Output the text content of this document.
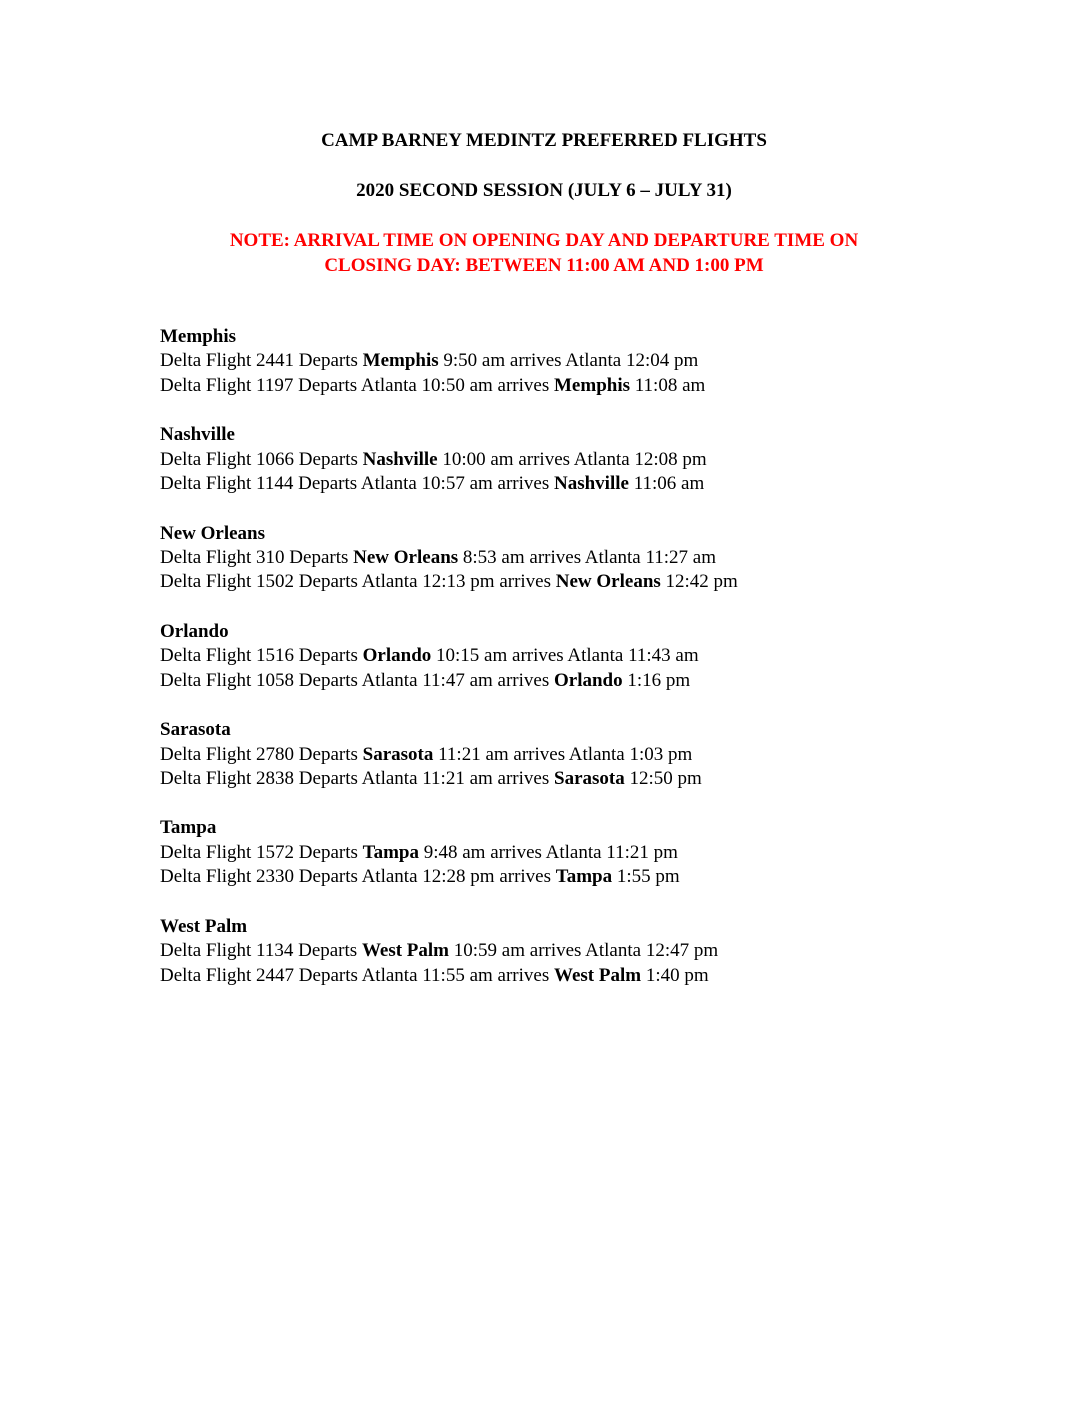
CAMP BARNEY MEDINTZ PREFERRED FLIGHTS
2020 SECOND SESSION (JULY 6 – JULY 31)

NOTE: ARRIVAL TIME ON OPENING DAY AND DEPARTURE TIME ON
CLOSING DAY: BETWEEN 11:00 AM AND 1:00 PM

Memphis
Delta Flight 2441 Departs Memphis 9:50 am arrives Atlanta 12:04 pm
Delta Flight 1197 Departs Atlanta 10:50 am arrives Memphis 11:08 am
Nashville
Delta Flight 1066 Departs Nashville 10:00 am arrives Atlanta 12:08 pm
Delta Flight 1144 Departs Atlanta 10:57 am arrives Nashville 11:06 am
New Orleans
Delta Flight 310 Departs New Orleans 8:53 am arrives Atlanta 11:27 am
Delta Flight 1502 Departs Atlanta 12:13 pm arrives New Orleans 12:42 pm
Orlando
Delta Flight 1516 Departs Orlando 10:15 am arrives Atlanta 11:43 am
Delta Flight 1058 Departs Atlanta 11:47 am arrives Orlando 1:16 pm
Sarasota
Delta Flight 2780 Departs Sarasota 11:21 am arrives Atlanta 1:03 pm
Delta Flight 2838 Departs Atlanta 11:21 am arrives Sarasota 12:50 pm
Tampa
Delta Flight 1572 Departs Tampa 9:48 am arrives Atlanta 11:21 pm
Delta Flight 2330 Departs Atlanta 12:28 pm arrives Tampa 1:55 pm
West Palm
Delta Flight 1134 Departs West Palm 10:59 am arrives Atlanta 12:47 pm
Delta Flight 2447 Departs Atlanta 11:55 am arrives West Palm 1:40 pm
